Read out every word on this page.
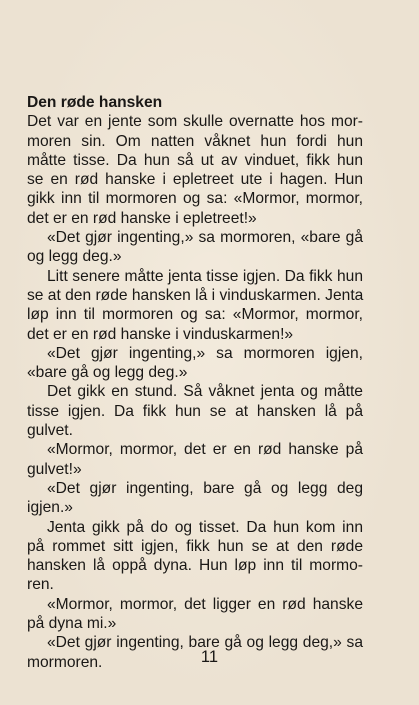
Den røde hansken
Det var en jente som skulle overnatte hos mor-
moren sin. Om natten våknet hun fordi hun
måtte tisse. Da hun så ut av vinduet, fikk hun
se en rød hanske i epletreet ute i hagen. Hun
gikk inn til mormoren og sa: «Mormor, mormor,
det er en rød hanske i epletreet!»
«Det gjør ingenting,» sa mormoren, «bare gå
og legg deg.»
Litt senere måtte jenta tisse igjen. Da fikk hun
se at den røde hansken lå i vinduskarmen. Jenta
løp inn til mormoren og sa: «Mormor, mormor,
det er en rød hanske i vinduskarmen!»
«Det gjør ingenting,» sa mormoren igjen,
«bare gå og legg deg.»
Det gikk en stund. Så våknet jenta og måtte
tisse igjen. Da fikk hun se at hansken lå på
gulvet.
«Mormor, mormor, det er en rød hanske på
gulvet!»
«Det gjør ingenting, bare gå og legg deg
igjen.»
Jenta gikk på do og tisset. Da hun kom inn
på rommet sitt igjen, fikk hun se at den røde
hansken lå oppå dyna. Hun løp inn til mormo-
ren.
«Mormor, mormor, det ligger en rød hanske
på dyna mi.»
«Det gjør ingenting, bare gå og legg deg,» sa
mormoren.	11
